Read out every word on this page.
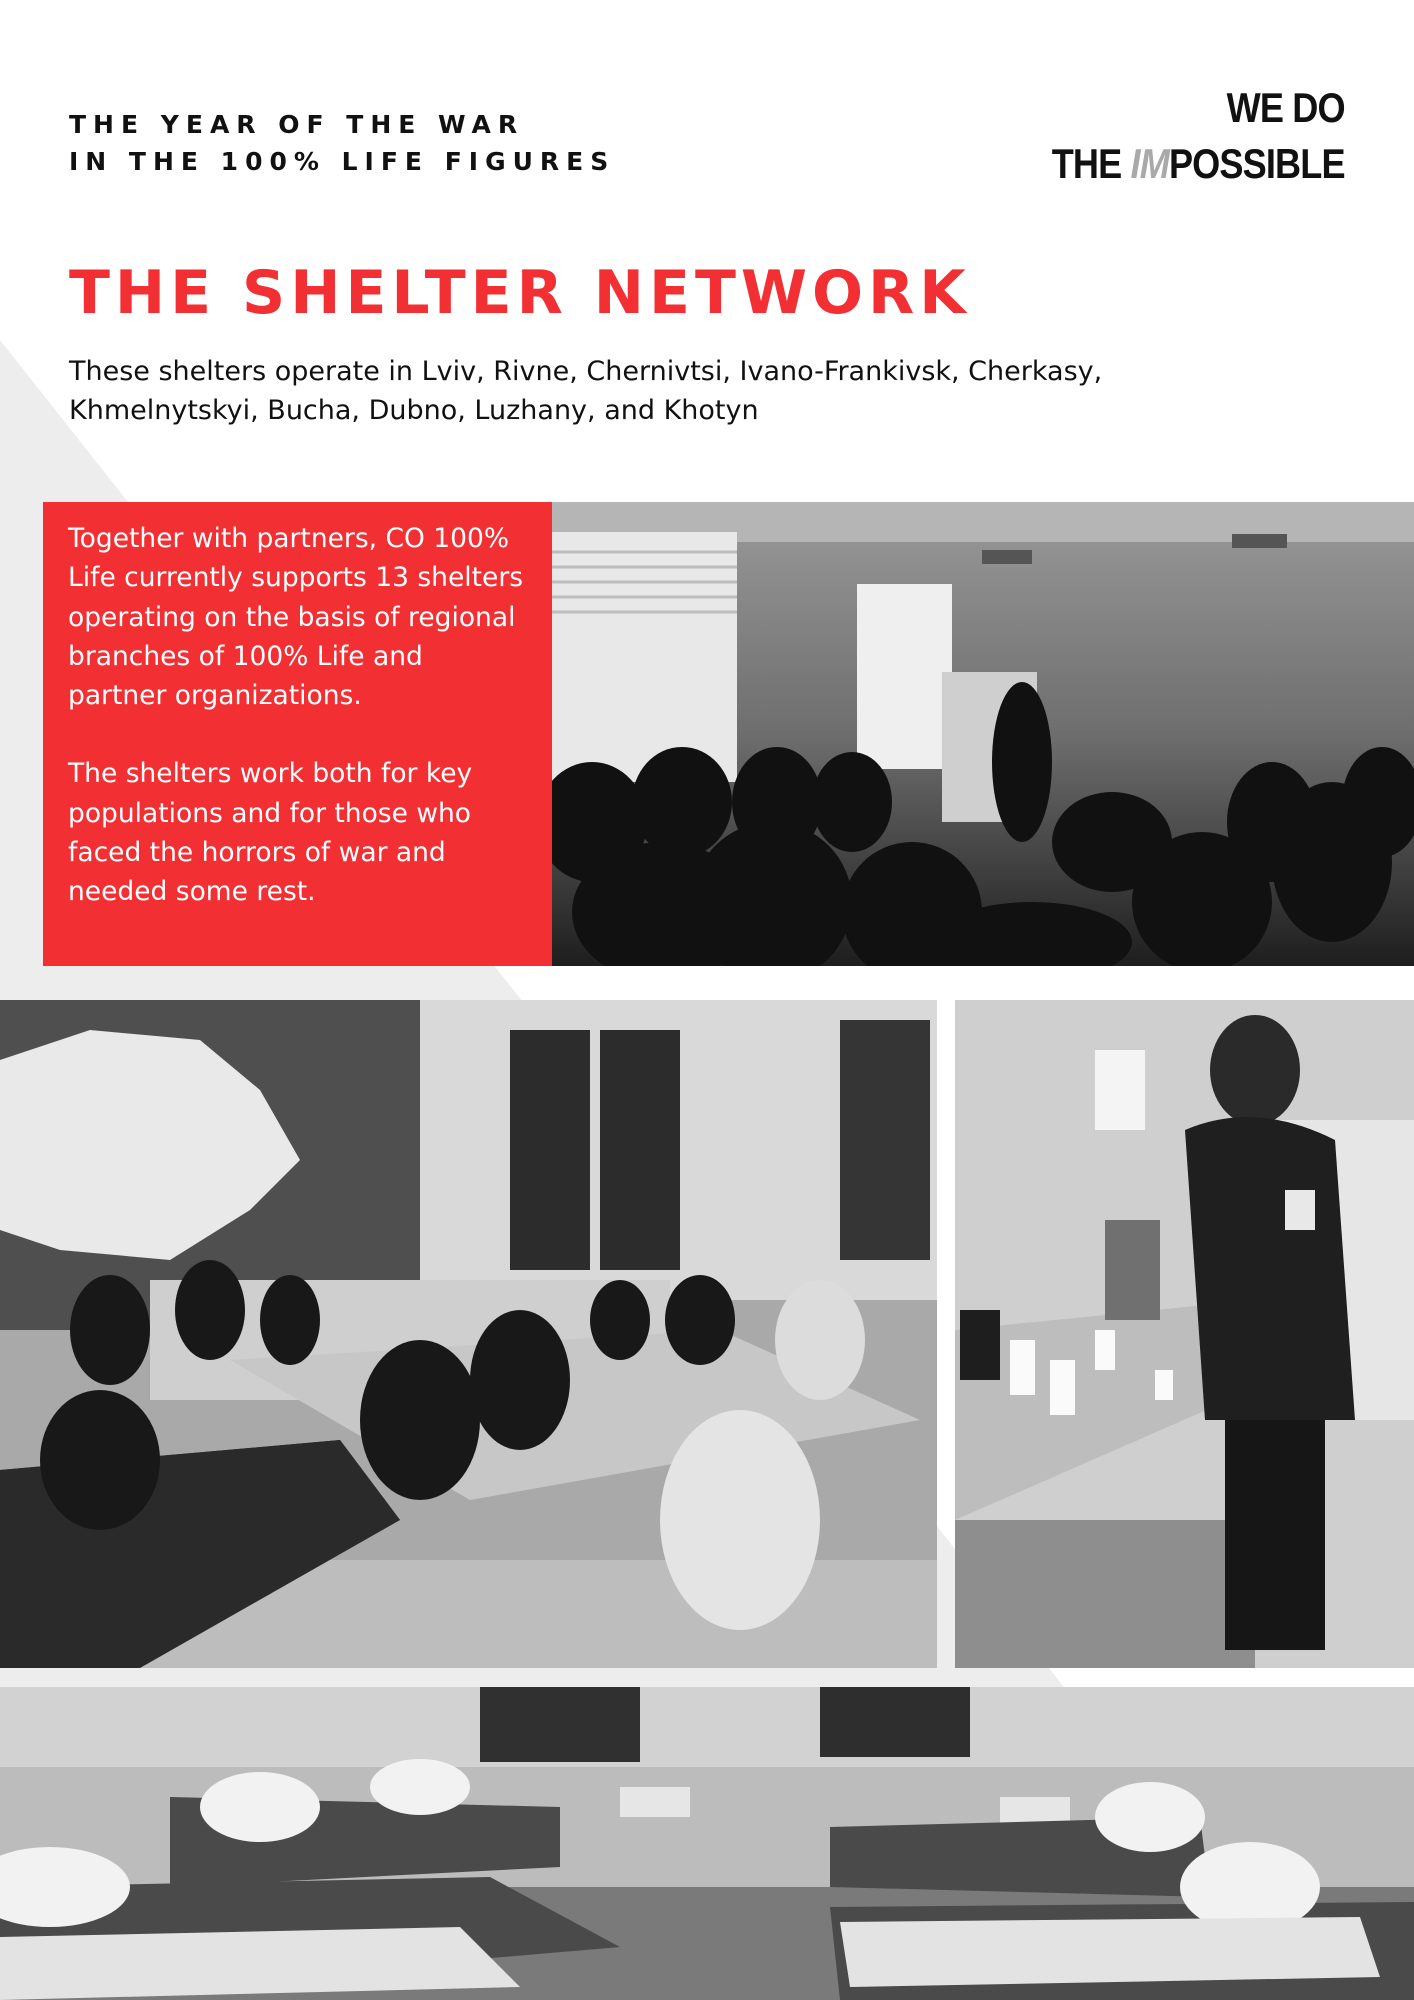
THE YEAR OF THE WAR
IN THE 100% LIFE FIGURES
WE DO
THE IMPOSSIBLE
THE SHELTER NETWORK
These shelters operate in Lviv, Rivne, Chernivtsi, Ivano-Frankivsk, Cherkasy, Khmelnytskyi, Bucha, Dubno, Luzhany, and Khotyn

Together with partners, CO 100% Life currently supports 13 shelters operating on the basis of regional branches of 100% Life and partner organizations.

The shelters work both for key populations and for those who faced the horrors of war and needed some rest.
